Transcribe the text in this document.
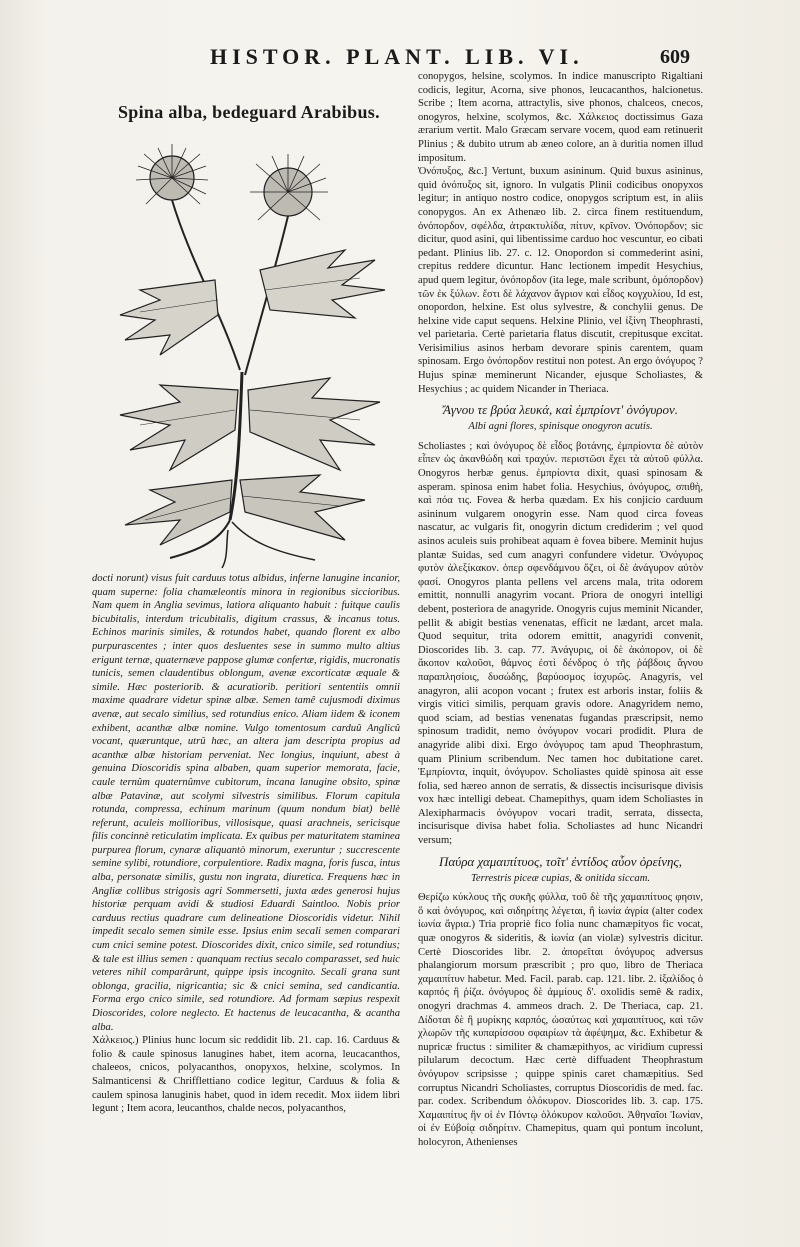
HISTOR. PLANT. LIB. VI.	609
Spina alba, bedeguard Arabibus.

docti norunt) visus fuit carduus totus albidus, inferne lanugine incanior, quam superne: folia chamæleontis minora in regionibus siccioribus. Nam quem in Anglia sevimus, latiora aliquanto habuit : fuitque caulis bicubitalis, interdum tricubitalis, digitum crassus, & incanus totus. Echinos marinis similes, & rotundos habet, quando florent ex albo purpurascentes ; inter quos desluentes sese in summo multo altius erigunt ternæ, quaternæve pappose glumæ confertæ, rigidis, mucronatis tunicis, semen claudentibus oblongum, avenæ excorticatæ æquale & simile. Hæc posteriorib. & acuratiorib. peritiori sententiis omnii maxime quadrare videtur spinæ albæ. Semen tamê cujusmodi diximus avenæ, aut secalo similius, sed rotundius enico. Aliam iidem & iconem exhibent, acanthæ albæ nomine. Vulgo tomentosum carduû Anglicû vocant, quæruntque, utrû hæc, an altera jam descripta propius ad acanthæ albæ historiam perveniat. Nec longius, inquiunt, abest à genuina Dioscoridis spina albaben, quam superior memorata, facie, caule ternûm quaternûmve cubitorum, incana lanugine obsito, spinæ albæ Patavinæ, aut scolymi silvestris similibus. Florum capitula rotunda, compressa, echinum marinum (quum nondum biat) bellè referunt, aculeis mollioribus, villosisque, quasi arachneis, sericisque filis concinnè reticulatim implicata. Ex quibus per maturitatem staminea purpurea florum, cynaræ aliquantò minorum, exeruntur ; succrescente semine sylibi, rotundiore, corpulentiore. Radix magna, foris fusca, intus alba, personatæ similis, gustu non ingrata, diuretica. Frequens hæc in Angliæ collibus strigosis agri Sommersetti, juxta ædes generosi hujus historiæ perquam avidi & studiosi Eduardi Saintloo. Nobis prior carduus rectius quadrare cum delineatione Dioscoridis videtur. Nihil impedit secalo semen simile esse. Ipsius enim secali semen comparari cum cnici semine potest. Dioscorides dixit, cnico simile, sed rotundius; & tale est illius semen : quanquam rectius secalo comparasset, sed huic veteres nihil comparârunt, quippe ipsis incognito. Secali grana sunt oblonga, gracilia, nigricantia; sic & cnici semina, sed candicantia. Forma ergo cnico simile, sed rotundiore. Ad formam sæpius respexit Dioscorides, colore neglecto. Et hactenus de leucacantha, & acantha alba.

Χάλκειος.) Plinius hunc locum sic reddidit lib. 21. cap. 16. Carduus & folio & caule spinosus lanugines habet, item acorna, leucacanthos, chaleeos, cnicos, polyacanthos, onopyxos, helxine, scolymos. In Salmanticensi & Chrifflettiano codice legitur, Carduus & folia & caulem spinosa lanuginis habet, quod in idem recedit. Mox iidem libri legunt ; Item acora, leucanthos, chalde necos, polyacanthos,

conopygos, helsine, scolymos. In indice manuscripto Rigaltiani codicis, legitur, Acorna, sive phonos, leucacanthos, halcionetus. Scribe ; Item acorna, attractylis, sive phonos, chalceos, cnecos, onogyros, helxine, scolymos, &c. Χάλκειος doctissimus Gaza ærarium vertit. Malo Græcam servare vocem, quod eam retinuerit Plinius ; & dubito utrum ab æneo colore, an à duritia nomen illud impositum.

Ὀνόπυξος, &c.] Vertunt, buxum asininum. Quid buxus asininus, quid ὀνόπυξος sit, ignoro. In vulgatis Plinii codicibus onopyxos legitur; in antiquo nostro codice, onopygos scriptum est, in aliis conopygos. An ex Athenæo lib. 2. circa finem restituendum, ὀνόπορδον, σφέλδα, ἀτρακτυλίδα, πίτυν, κρῖνον. Ὀνόπορδον; sic dicitur, quod asini, qui libentissime carduo hoc vescuntur, eo cibati pedant. Plinius lib. 27. c. 12. Onopordon si commederint asini, crepitus reddere dicuntur. Hanc lectionem impedit Hesychius, apud quem legitur, ὀνόπορδον (ita lege, male scribunt, ὀμόπορδον) τῶν ἐκ ξύλων. ἔστι δὲ λάχανον ἄγριον καὶ εἶδος κογχυλίου, Id est, onopordon, helxine. Est olus sylvestre, & conchylii genus. De helxine vide caput sequens. Helxine Plinio, vel ἰξίνη Theophrasti, vel parietaria. Certè parietaria flatus discutit, crepitusque excitat. Verisimilius asinos herbam devorare spinis carentem, quam spinosam. Ergo ὀνόπορδον restitui non potest. An ergo ὀνόγυρος ? Hujus spinæ meminerunt Nicander, ejusque Scholiastes, & Hesychius ; ac quidem Nicander in Theriaca.

Ἄγνου τε βρύα λευκά, καὶ ἐμπρίοντ' ὀνόγυρον.

Albi agni flores, spinisque onogyron acutis.

Scholiastes ; καὶ ὀνόγυρος δὲ εἶδος βοτάνης, ἐμπρίοντα δὲ αὐτὸν εἶπεν ὡς ἀκανθώδη καὶ τραχύν. περιστῶσι ἔχει τὰ αὐτοῦ φύλλα. Onogyros herbæ genus. ἐμπρίοντα dixit, quasi spinosam & asperam. spinosa enim habet folia. Hesychius, ὀνόγυρος, σπιθὴ, καὶ πόα τις. Fovea & herba quædam. Ex his conjicio carduum asininum vulgarem onogyrin esse. Nam quod circa foveas nascatur, ac vulgaris fit, onogyrin dictum crediderim ; vel quod asinos aculeis suis prohibeat aquam è fovea bibere. Meminit hujus plantæ Suidas, sed cum anagyri confundere videtur. Ὀνόγυρος φυτὸν ἀλεξίκακον. ὁπερ σφενδάμνου ὄζει, οἱ δὲ ἀνάγυρον αὐτὸν φασί. Onogyros planta pellens vel arcens mala, trita odorem emittit, nonnulli anagyrim vocant. Priora de onogyri intelligi debent, posteriora de anagyride. Onogyris cujus meminit Nicander, pellit & abigit bestias venenatas, efficit ne lædant, arcet mala. Quod sequitur, trita odorem emittit, anagyridi convenit, Dioscorides lib. 3. cap. 77. Ἀνάγυρις, οἱ δὲ ἀκόπορον, οἱ δὲ ἄκοπον καλοῦσι, θάμνος ἐστὶ δένδρος ὁ τῆς ῥάβδοις ἄγνου παραπλησίοις, δυσώδης, βαρύοσμος ἰσχυρῶς. Anagyris, vel anagyron, alii acopon vocant ; frutex est arboris instar, foliis & virgis vitici similis, perquam gravis odore. Anagyridem nemo, quod sciam, ad bestias venenatas fugandas præscripsit, nemo spinosum tradidit, nemo ὀνόγυρον vocari prodidit. Plura de anagyride alibi dixi. Ergo ὀνόγυρος tam apud Theophrastum, quam Plinium scribendum. Nec tamen hoc dubitatione caret. Ἐμπρίοντα, inquit, ὀνόγυρον. Scholiastes quidè spinosa ait esse folia, sed hæreo annon de serratis, & dissectis incisurisque divisis vox hæc intelligi debeat. Chamepithys, quam idem Scholiastes in Alexipharmacis ὀνόγυρον vocari tradit, serrata, dissecta, incisurisque divisa habet folia. Scholiastes ad hunc Nicandri versum;

Παύρα χαμαιπίτυος, τοῖτ' ἐντίδος αὖον ὀρείνης,

Terrestris piceæ cupias, & onitida siccam.

Θερίζω κύκλους τῆς συκῆς φύλλα, τοῦ δὲ τῆς χαμαιπίτυος φησιν, ὅ καὶ ὀνόγυρος, καὶ σιδηρίτης λέγεται, ἢ ἰωνία ἀγρία (alter codex ἰωνία ἄγρια.) Tria propriè fico folia nunc chamæpityos fic vocat, quæ onogyros & sideritis, & ἰωνία (an violæ) sylvestris dicitur. Certè Dioscorides libr. 2. ἀπορεῖται ὀνόγυρος adversus phalangiorum morsum præscribit ; pro quo, libro de Theriaca χαμαιπίτυν habetur. Med. Facil. parab. cap. 121. libr. 2. ἰξαλίδος ὁ καρπός ἢ ῥίζα. ὀνόγυρος δὲ ἀμμίους δ'. oxolidis semê & radix, onogyri drachmas 4. ammeos drach. 2. De Theriaca, cap. 21. Δίδοται δὲ ἢ μυρίκης καρπός, ὡσαύτως καὶ χαμαιπίτυος, καὶ τῶν χλωρῶν τῆς κυπαρίσσου σφαιρίων τὰ ἀφέψημα, &c. Exhibetur & nupricæ fructus : similiter & chamæpithyos, ac viridium cupressi pilularum decoctum. Hæc certè diffuadent Theophrastum ὀνόγυρον scripsisse ; quippe spinis caret chamæpitius. Sed corruptus Nicandri Scholiastes, corruptus Dioscoridis de med. fac. par. codex. Scribendum ὀλόκυρον. Dioscorides lib. 3. cap. 175. Χαμαιπίτυς ἣν οἱ ἐν Πόντῳ ὁλόκυρον καλοῦσι. Ἀθηναῖοι Ἰωνίαν, οἱ ἐν Εὐβοίᾳ σιδηρίτιν. Chamepitus, quam qui pontum incolunt, holocyron, Athenienses
